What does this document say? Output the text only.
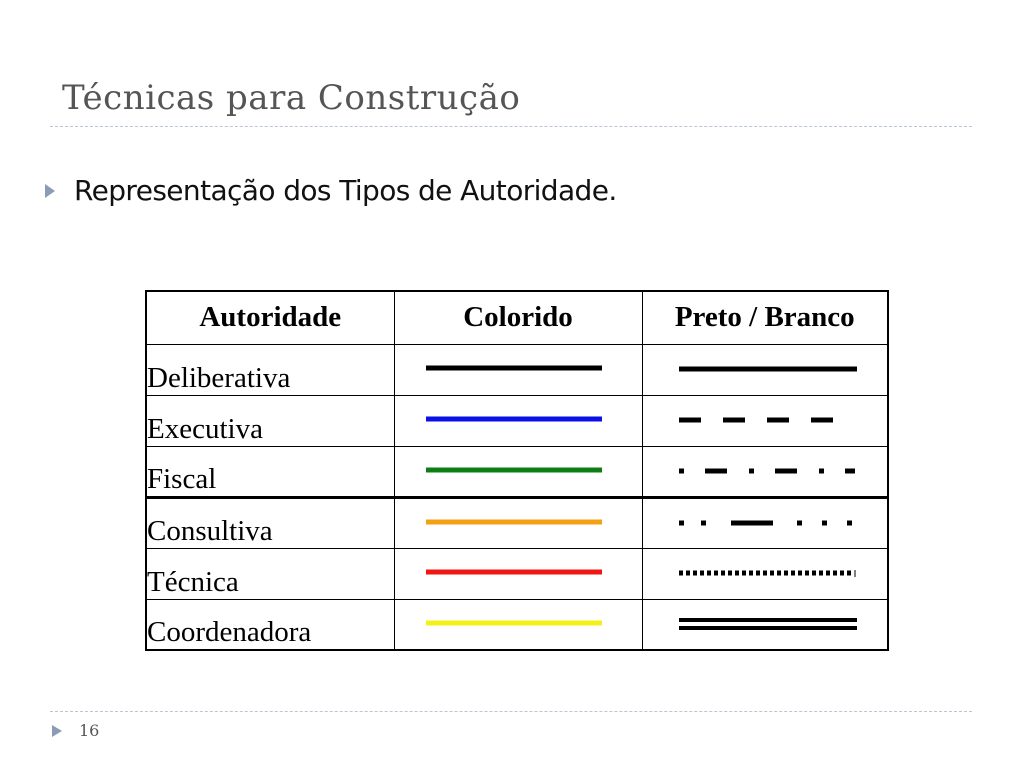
Técnicas para Construção
Representação dos Tipos de Autoridade.
Autoridade	Colorido	Preto / Branco
Deliberativa	

Executiva	

Fiscal	

Consultiva	

Técnica	

Coordenadora	

16
